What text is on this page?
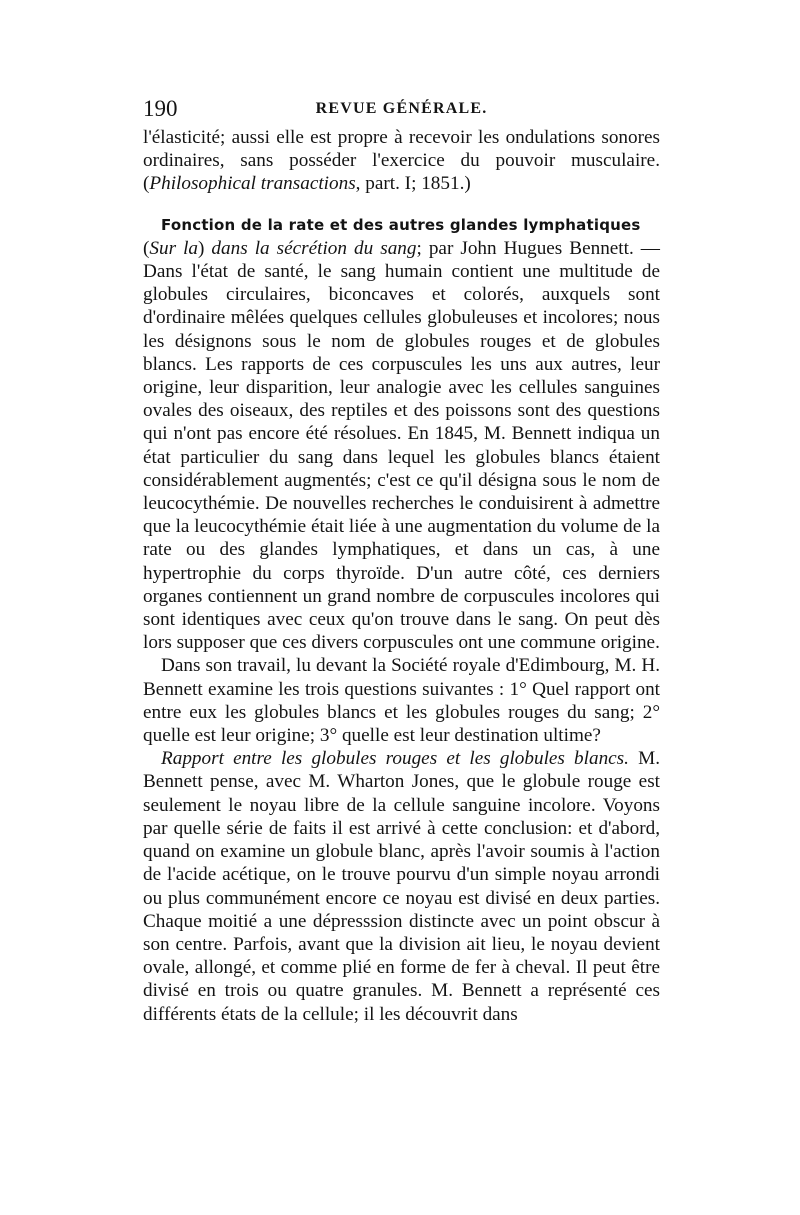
190	REVUE GÉNÉRALE.

l'élasticité; aussi elle est propre à recevoir les ondulations sonores ordinaires, sans posséder l'exercice du pouvoir musculaire. (Philosophical transactions, part. I; 1851.)

Fonction de la rate et des autres glandes lymphatiques

(Sur la) dans la sécrétion du sang; par John Hugues Bennett. — Dans l'état de santé, le sang humain contient une multitude de globules circulaires, biconcaves et colorés, auxquels sont d'ordinaire mêlées quelques cellules globuleuses et incolores; nous les désignons sous le nom de globules rouges et de globules blancs. Les rapports de ces corpuscules les uns aux autres, leur origine, leur disparition, leur analogie avec les cellules sanguines ovales des oiseaux, des reptiles et des poissons sont des questions qui n'ont pas encore été résolues. En 1845, M. Bennett indiqua un état particulier du sang dans lequel les globules blancs étaient considérablement augmentés; c'est ce qu'il désigna sous le nom de leucocythémie. De nouvelles recherches le conduisirent à admettre que la leucocythémie était liée à une augmentation du volume de la rate ou des glandes lymphatiques, et dans un cas, à une hypertrophie du corps thyroïde. D'un autre côté, ces derniers organes contiennent un grand nombre de corpuscules incolores qui sont identiques avec ceux qu'on trouve dans le sang. On peut dès lors supposer que ces divers corpuscules ont une commune origine.

Dans son travail, lu devant la Société royale d'Edimbourg, M. H. Bennett examine les trois questions suivantes : 1° Quel rapport ont entre eux les globules blancs et les globules rouges du sang; 2° quelle est leur origine; 3° quelle est leur destination ultime?

Rapport entre les globules rouges et les globules blancs. M. Bennett pense, avec M. Wharton Jones, que le globule rouge est seulement le noyau libre de la cellule sanguine incolore. Voyons par quelle série de faits il est arrivé à cette conclusion: et d'abord, quand on examine un globule blanc, après l'avoir soumis à l'action de l'acide acétique, on le trouve pourvu d'un simple noyau arrondi ou plus communément encore ce noyau est divisé en deux parties. Chaque moitié a une dépresssion distincte avec un point obscur à son centre. Parfois, avant que la division ait lieu, le noyau devient ovale, allongé, et comme plié en forme de fer à cheval. Il peut être divisé en trois ou quatre granules. M. Bennett a représenté ces différents états de la cellule; il les découvrit dans
